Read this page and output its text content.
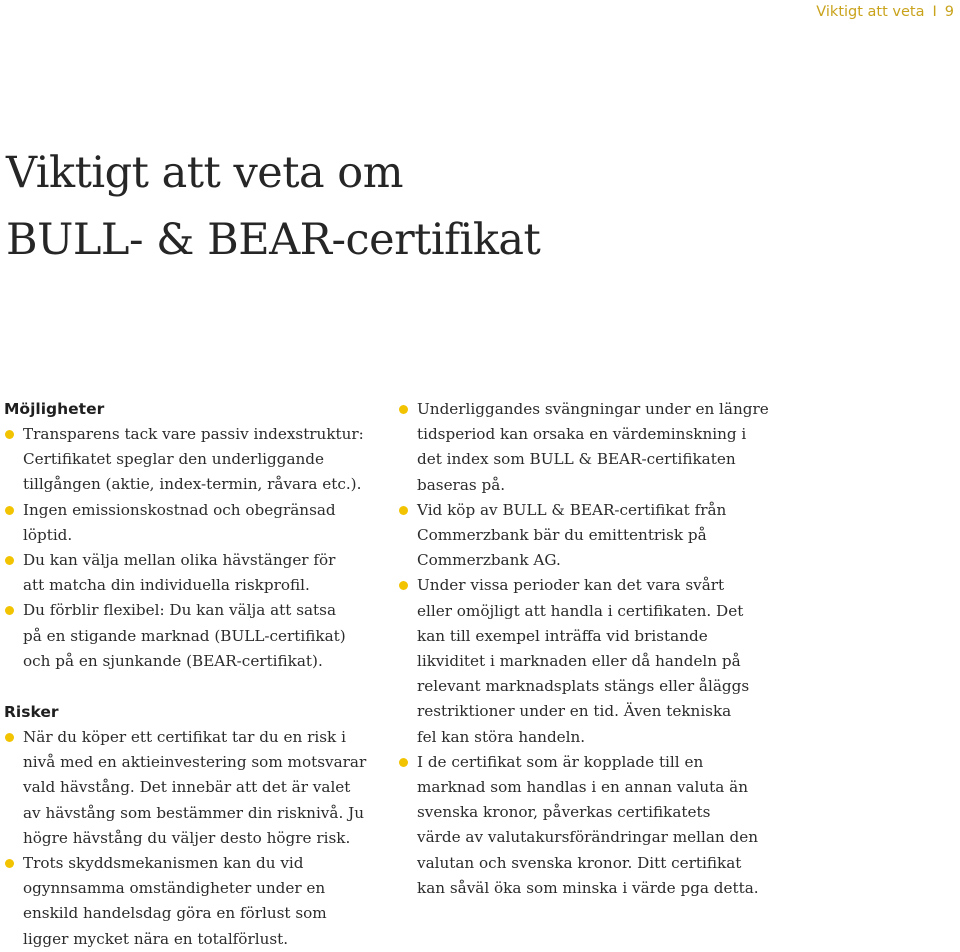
Viktigt att veta I 9
Viktigt att veta om
BULL- & BEAR-certifikat
Möjligheter
Transparens tack vare passiv indexstruktur:
Certifikatet speglar den underliggande
tillgången (aktie, index-termin, råvara etc.).
Ingen emissionskostnad och obegränsad
löptid.
Du kan välja mellan olika hävstänger för
att matcha din individuella riskprofil.
Du förblir flexibel: Du kan välja att satsa
på en stigande marknad (BULL-certifikat)
och på en sjunkande (BEAR-certifikat).
Risker
När du köper ett certifikat tar du en risk i
nivå med en aktieinvestering som motsvarar
vald hävstång. Det innebär att det är valet
av hävstång som bestämmer din risknivå. Ju
högre hävstång du väljer desto högre risk.
Trots skyddsmekanismen kan du vid
ogynnsamma omständigheter under en
enskild handelsdag göra en förlust som
ligger mycket nära en totalförlust.
Underliggandes svängningar under en längre
tidsperiod kan orsaka en värdeminskning i
det index som BULL & BEAR-certifikaten
baseras på.
Vid köp av BULL & BEAR-certifikat från
Commerzbank bär du emittentrisk på
Commerzbank AG.
Under vissa perioder kan det vara svårt
eller omöjligt att handla i certifikaten. Det
kan till exempel inträffa vid bristande
likviditet i marknaden eller då handeln på
relevant marknadsplats stängs eller åläggs
restriktioner under en tid. Även tekniska
fel kan störa handeln.
I de certifikat som är kopplade till en
marknad som handlas i en annan valuta än
svenska kronor, påverkas certifikatets
värde av valutakursförändringar mellan den
valutan och svenska kronor. Ditt certifikat
kan såväl öka som minska i värde pga detta.
